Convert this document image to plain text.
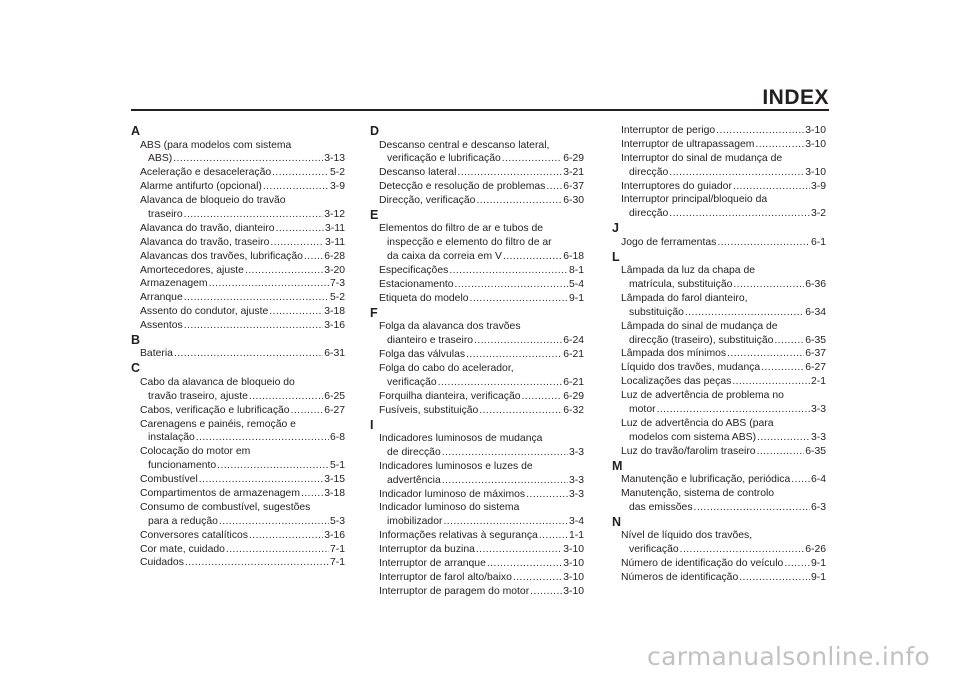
INDEX
A
ABS (para modelos com sistema
ABS) .....	3-13
Aceleração e desaceleração .....	5-2
Alarme antifurto (opcional) .....	3-9
Alavanca de bloqueio do travão
traseiro .....	3-12
Alavanca do travão, dianteiro .....	3-11
Alavanca do travão, traseiro .....	3-11
Alavancas dos travões, lubrificação ..... 6-28
Amortecedores, ajuste .....	3-20
Armazenagem .....	7-3
Arranque .....	5-2
Assento do condutor, ajuste .....	3-18
Assentos .....	3-16
B
Bateria .....	6-31
C
Cabo da alavanca de bloqueio do
travão traseiro, ajuste .....	6-25
Cabos, verificação e lubrificação .....	6-27
Carenagens e painéis, remoção e
instalação .....	6-8
Colocação do motor em
funcionamento .....	5-1
Combustível .....	3-15
Compartimentos de armazenagem ..... 3-18
Consumo de combustível, sugestões
para a redução .....	5-3
Conversores catalíticos .....	3-16
Cor mate, cuidado .....	7-1
Cuidados .....	7-1
D
Descanso central e descanso lateral,
verificação e lubrificação .....	6-29
Descanso lateral .....	3-21
Detecção e resolução de problemas ..... 6-37
Direcção, verificação .....	6-30
E
Elementos do filtro de ar e tubos de
inspecção e elemento do filtro de ar
da caixa da correia em V .....	6-18
Especificações .....	8-1
Estacionamento .....	5-4
Etiqueta do modelo .....	9-1
F
Folga da alavanca dos travões
dianteiro e traseiro .....	6-24
Folga das válvulas .....	6-21
Folga do cabo do acelerador,
verificação .....	6-21
Forquilha dianteira, verificação .....	6-29
Fusíveis, substituição .....	6-32
I
Indicadores luminosos de mudança
de direcção .....	3-3
Indicadores luminosos e luzes de
advertência .....	3-3
Indicador luminoso de máximos .....	3-3
Indicador luminoso do sistema
imobilizador .....	3-4
Informações relativas à segurança .....	1-1
Interruptor da buzina .....	3-10
Interruptor de arranque .....	3-10
Interruptor de farol alto/baixo .....	3-10
Interruptor de paragem do motor .....	3-10
Interruptor de perigo .....	3-10
Interruptor de ultrapassagem .....	3-10
Interruptor do sinal de mudança de
direcção .....	3-10
Interruptores do guiador .....	3-9
Interruptor principal/bloqueio da
direcção .....	3-2
J
Jogo de ferramentas .....	6-1
L
Lâmpada da luz da chapa de
matrícula, substituição .....	6-36
Lâmpada do farol dianteiro,
substituição .....	6-34
Lâmpada do sinal de mudança de
direcção (traseiro), substituição .....	6-35
Lâmpada dos mínimos .....	6-37
Líquido dos travões, mudança .....	6-27
Localizações das peças .....	2-1
Luz de advertência de problema no
motor .....	3-3
Luz de advertência do ABS (para
modelos com sistema ABS) .....	3-3
Luz do travão/farolim traseiro .....	6-35
M
Manutenção e lubrificação, periódica ..... 6-4
Manutenção, sistema de controlo
das emissões .....	6-3
N
Nível de líquido dos travões,
verificação .....	6-26
Número de identificação do veículo .....	9-1
Números de identificação .....	9-1
carmanualsonline.info
